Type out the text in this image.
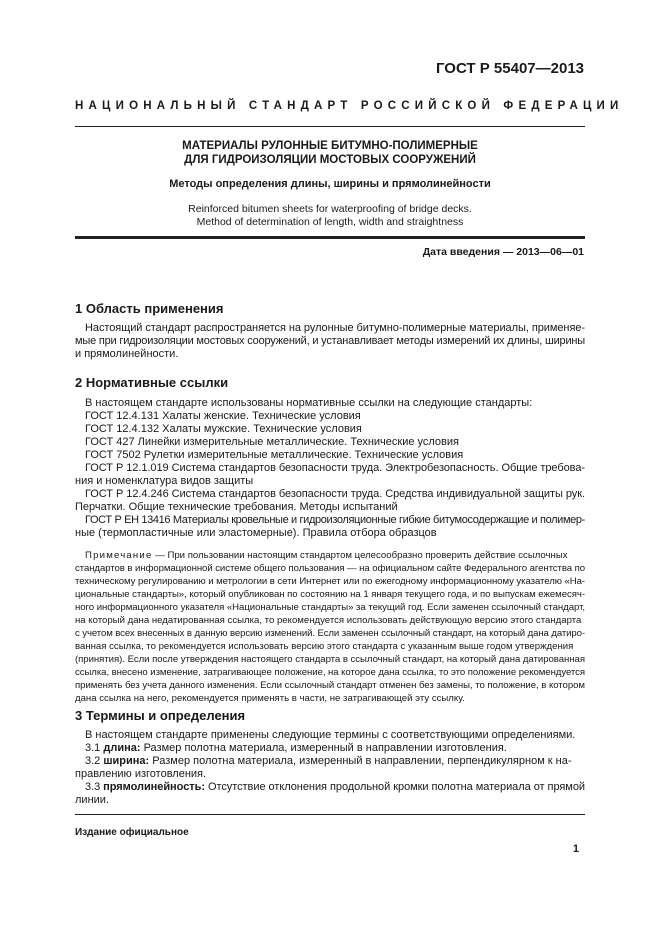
ГОСТ Р 55407—2013
НАЦИОНАЛЬНЫЙ СТАНДАРТ РОССИЙСКОЙ ФЕДЕРАЦИИ
МАТЕРИАЛЫ РУЛОННЫЕ БИТУМНО-ПОЛИМЕРНЫЕ
ДЛЯ ГИДРОИЗОЛЯЦИИ МОСТОВЫХ СООРУЖЕНИЙ
Методы определения длины, ширины и прямолинейности
Reinforced bitumen sheets for waterproofing of bridge decks.
Method of determination of length, width and straightness
Дата введения — 2013—06—01
1 Область применения
Настоящий стандарт распространяется на рулонные битумно-полимерные материалы, применяе-
мые при гидроизоляции мостовых сооружений, и устанавливает методы измерений их длины, ширины
и прямолинейности.
2 Нормативные ссылки
В настоящем стандарте использованы нормативные ссылки на следующие стандарты:
ГОСТ 12.4.131 Халаты женские. Технические условия
ГОСТ 12.4.132 Халаты мужские. Технические условия
ГОСТ 427 Линейки измерительные металлические. Технические условия
ГОСТ 7502 Рулетки измерительные металлические. Технические условия
ГОСТ Р 12.1.019 Система стандартов безопасности труда. Электробезопасность. Общие требова-
ния и номенклатура видов защиты
ГОСТ Р 12.4.246 Система стандартов безопасности труда. Средства индивидуальной защиты рук.
Перчатки. Общие технические требования. Методы испытаний
ГОСТ Р ЕН 13416 Материалы кровельные и гидроизоляционные гибкие битумосодержащие и полимер-
ные (термопластичные или эластомерные). Правила отбора образцов
Примечание — При пользовании настоящим стандартом целесообразно проверить действие ссылочных
стандартов в информационной системе общего пользования — на официальном сайте Федерального агентства по
техническому регулированию и метрологии в сети Интернет или по ежегодному информационному указателю «На-
циональные стандарты», который опубликован по состоянию на 1 января текущего года, и по выпускам ежемесяч-
ного информационного указателя «Национальные стандарты» за текущий год. Если заменен ссылочный стандарт,
на который дана недатированная ссылка, то рекомендуется использовать действующую версию этого стандарта
с учетом всех внесенных в данную версию изменений. Если заменен ссылочный стандарт, на который дана датиро-
ванная ссылка, то рекомендуется использовать версию этого стандарта с указанным выше годом утверждения
(принятия). Если после утверждения настоящего стандарта в ссылочный стандарт, на который дана датированная
ссылка, внесено изменение, затрагивающее положение, на которое дана ссылка, то это положение рекомендуется
применять без учета данного изменения. Если ссылочный стандарт отменен без замены, то положение, в котором
дана ссылка на него, рекомендуется применять в части, не затрагивающей эту ссылку.
3 Термины и определения
В настоящем стандарте применены следующие термины с соответствующими определениями.
3.1 длина: Размер полотна материала, измеренный в направлении изготовления.
3.2 ширина: Размер полотна материала, измеренный в направлении, перпендикулярном к на-
правлению изготовления.
3.3 прямолинейность: Отсутствие отклонения продольной кромки полотна материала от прямой
линии.
Издание официальное
1
